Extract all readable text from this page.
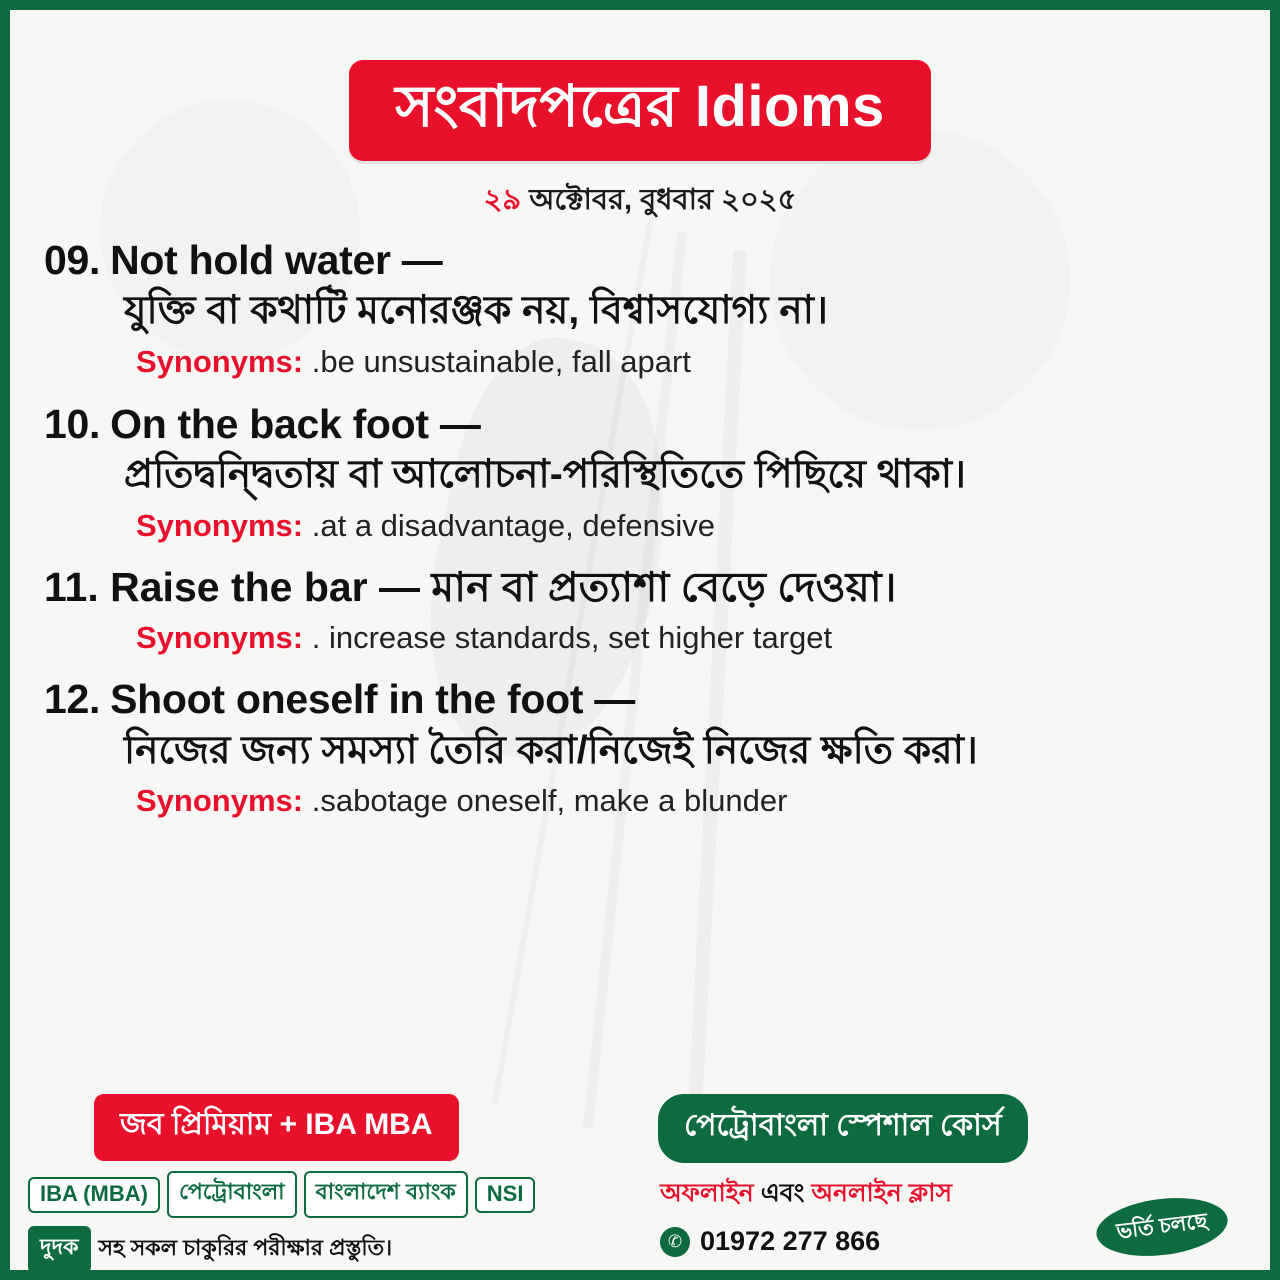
সংবাদপত্রের Idioms
২৯ অক্টোবর, বুধবার ২০২৫
09. Not hold water —
যুক্তি বা কথাটি মনোরঞ্জক নয়, বিশ্বাসযোগ্য না।
Synonyms: .be unsustainable, fall apart
10. On the back foot —
প্রতিদ্বন্দ্বিতায় বা আলোচনা-পরিস্থিতিতে পিছিয়ে থাকা।
Synonyms: .at a disadvantage, defensive
11. Raise the bar — মান বা প্রত্যাশা বেড়ে দেওয়া।
Synonyms: . increase standards, set higher target
12. Shoot oneself in the foot —
নিজের জন্য সমস্যা তৈরি করা/নিজেই নিজের ক্ষতি করা।
Synonyms: .sabotage oneself, make a blunder
জব প্রিমিয়াম + IBA MBA
IBA (MBA)	পেট্রোবাংলা	বাংলাদেশ ব্যাংক	NSI
দুদক সহ সকল চাকুরির পরীক্ষার প্রস্তুতি।
পেট্রোবাংলা স্পেশাল কোর্স
অফলাইন এবং অনলাইন ক্লাস
✆ 01972 277 866	ভর্তি চলছে
